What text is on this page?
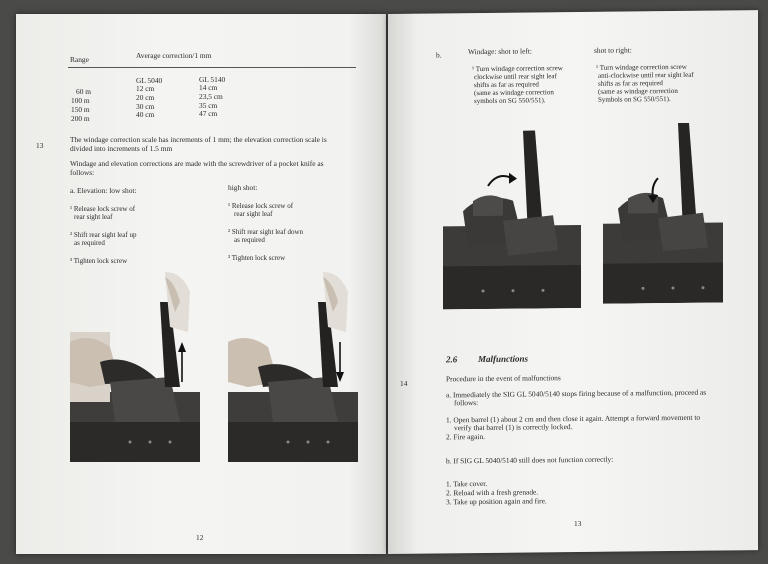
Range	Average correction/1 mm
GL 5040	GL 5140
60 m	12 cm	14 cm
100 m	20 cm	23,5 cm
150 m	30 cm	35 cm
200 m	40 cm	47 cm
13
The windage correction scale has increments of 1 mm; the elevation correction scale is
divided into increments of 1.5 mm
Windage and elevation corrections are made with the screwdriver of a pocket knife as
follows:
a. Elevation: low shot:	high shot:
¹ Release lock screw of
rear sight leaf
² Shift rear sight leaf up
as required
³ Tighten lock screw
¹ Release lock screw of
rear sight leaf
² Shift rear sight leaf down
as required
³ Tighten lock screw
12
b.	Windage: shot to left:	shot to right:
¹ Turn windage correction screw
clockwise until rear sight leaf
shifts as far as required
(same as windage correction
symbols on SG 550/551).
¹ Turn windage correction screw
anti-clockwise until rear sight leaf
shifts as far as required
(same as windage correction
Symbols on SG 550/551).
2.6 Malfunctions
14	Procedure in the event of malfunctions
a. Immediately the SIG GL 5040/5140 stops firing because of a malfunction, proceed as
follows:
1. Open barrel (1) about 2 cm and then close it again. Attempt a forward movement to
verify that barrel (1) is correctly locked.
2. Fire again.
b. If SIG GL 5040/5140 still does not function correctly:
1. Take cover.
2. Reload with a fresh grenade.
3. Take up position again and fire.
13
